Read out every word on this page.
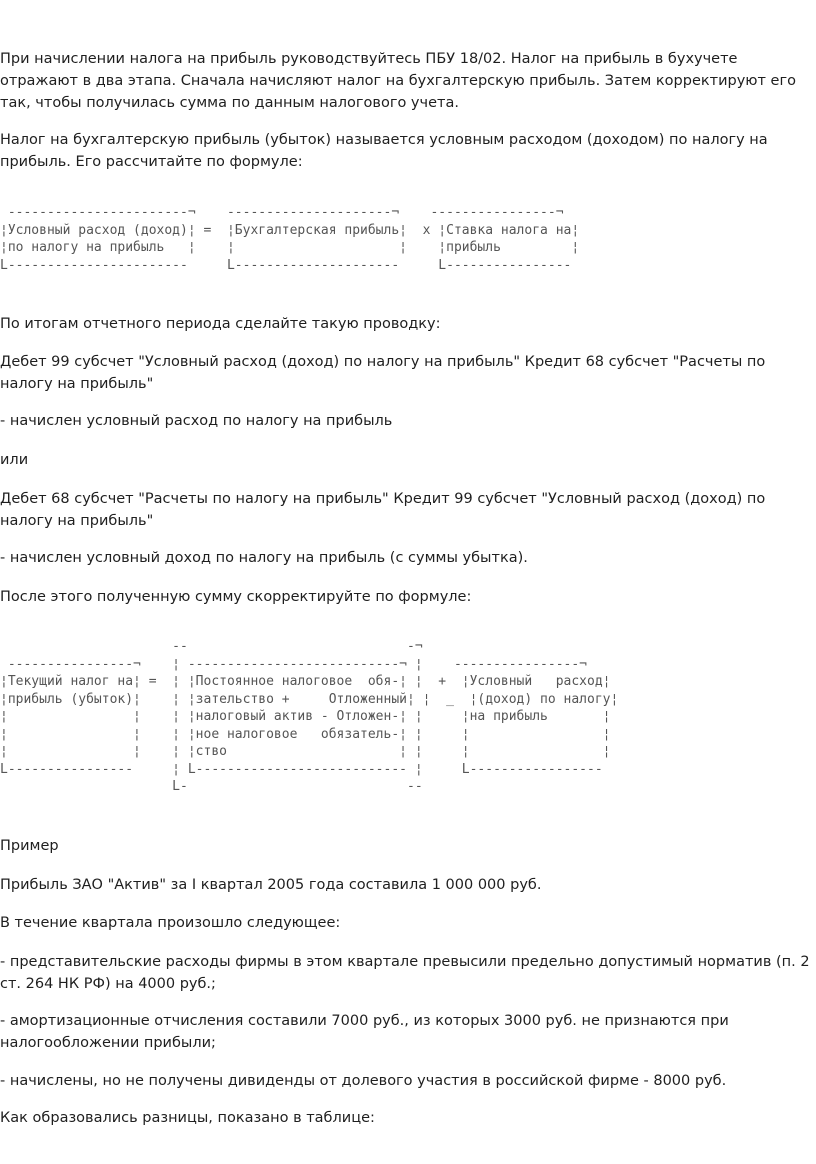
При начислении налога на прибыль руководствуйтесь ПБУ 18/02. Налог на прибыль в бухучете отражают в два этапа. Сначала начисляют налог на бухгалтерскую прибыль. Затем корректируют его так, чтобы получилась сумма по данным налогового учета.

Налог на бухгалтерскую прибыль (убыток) называется условным расходом (доходом) по налогу на прибыль. Его рассчитайте по формуле:

-----------------------¬    ---------------------¬    ----------------¬
¦Условный расход (доход)¦ =  ¦Бухгалтерская прибыль¦  х ¦Ставка налога на¦
¦по налогу на прибыль   ¦    ¦                     ¦    ¦прибыль         ¦
L-----------------------     L---------------------     L----------------

По итогам отчетного периода сделайте такую проводку:

Дебет 99 субсчет "Условный расход (доход) по налогу на прибыль" Кредит 68 субсчет "Расчеты по налогу на прибыль"

- начислен условный расход по налогу на прибыль

или

Дебет 68 субсчет "Расчеты по налогу на прибыль" Кредит 99 субсчет "Условный расход (доход) по налогу на прибыль"

- начислен условный доход по налогу на прибыль (с суммы убытка).

После этого полученную сумму скорректируйте по формуле:

--                            -¬
----------------¬    ¦ ---------------------------¬ ¦    ----------------¬
¦Текущий налог на¦ =  ¦ ¦Постоянное налоговое  обя-¦ ¦  +  ¦Условный   расход¦
¦прибыль (убыток)¦    ¦ ¦зательство +     Отложенный¦ ¦  _  ¦(доход) по налогу¦
¦                ¦    ¦ ¦налоговый актив - Отложен-¦ ¦     ¦на прибыль       ¦
¦                ¦    ¦ ¦ное налоговое   обязатель-¦ ¦     ¦                 ¦
¦                ¦    ¦ ¦ство                      ¦ ¦     ¦                 ¦
L----------------     ¦ L--------------------------- ¦     L-----------------
L-                            --

Пример

Прибыль ЗАО "Актив" за I квартал 2005 года составила 1 000 000 руб.

В течение квартала произошло следующее:

- представительские расходы фирмы в этом квартале превысили предельно допустимый норматив (п. 2 ст. 264 НК РФ) на 4000 руб.;

- амортизационные отчисления составили 7000 руб., из которых 3000 руб. не признаются при налогообложении прибыли;

- начислены, но не получены дивиденды от долевого участия в российской фирме - 8000 руб.

Как образовались разницы, показано в таблице:
